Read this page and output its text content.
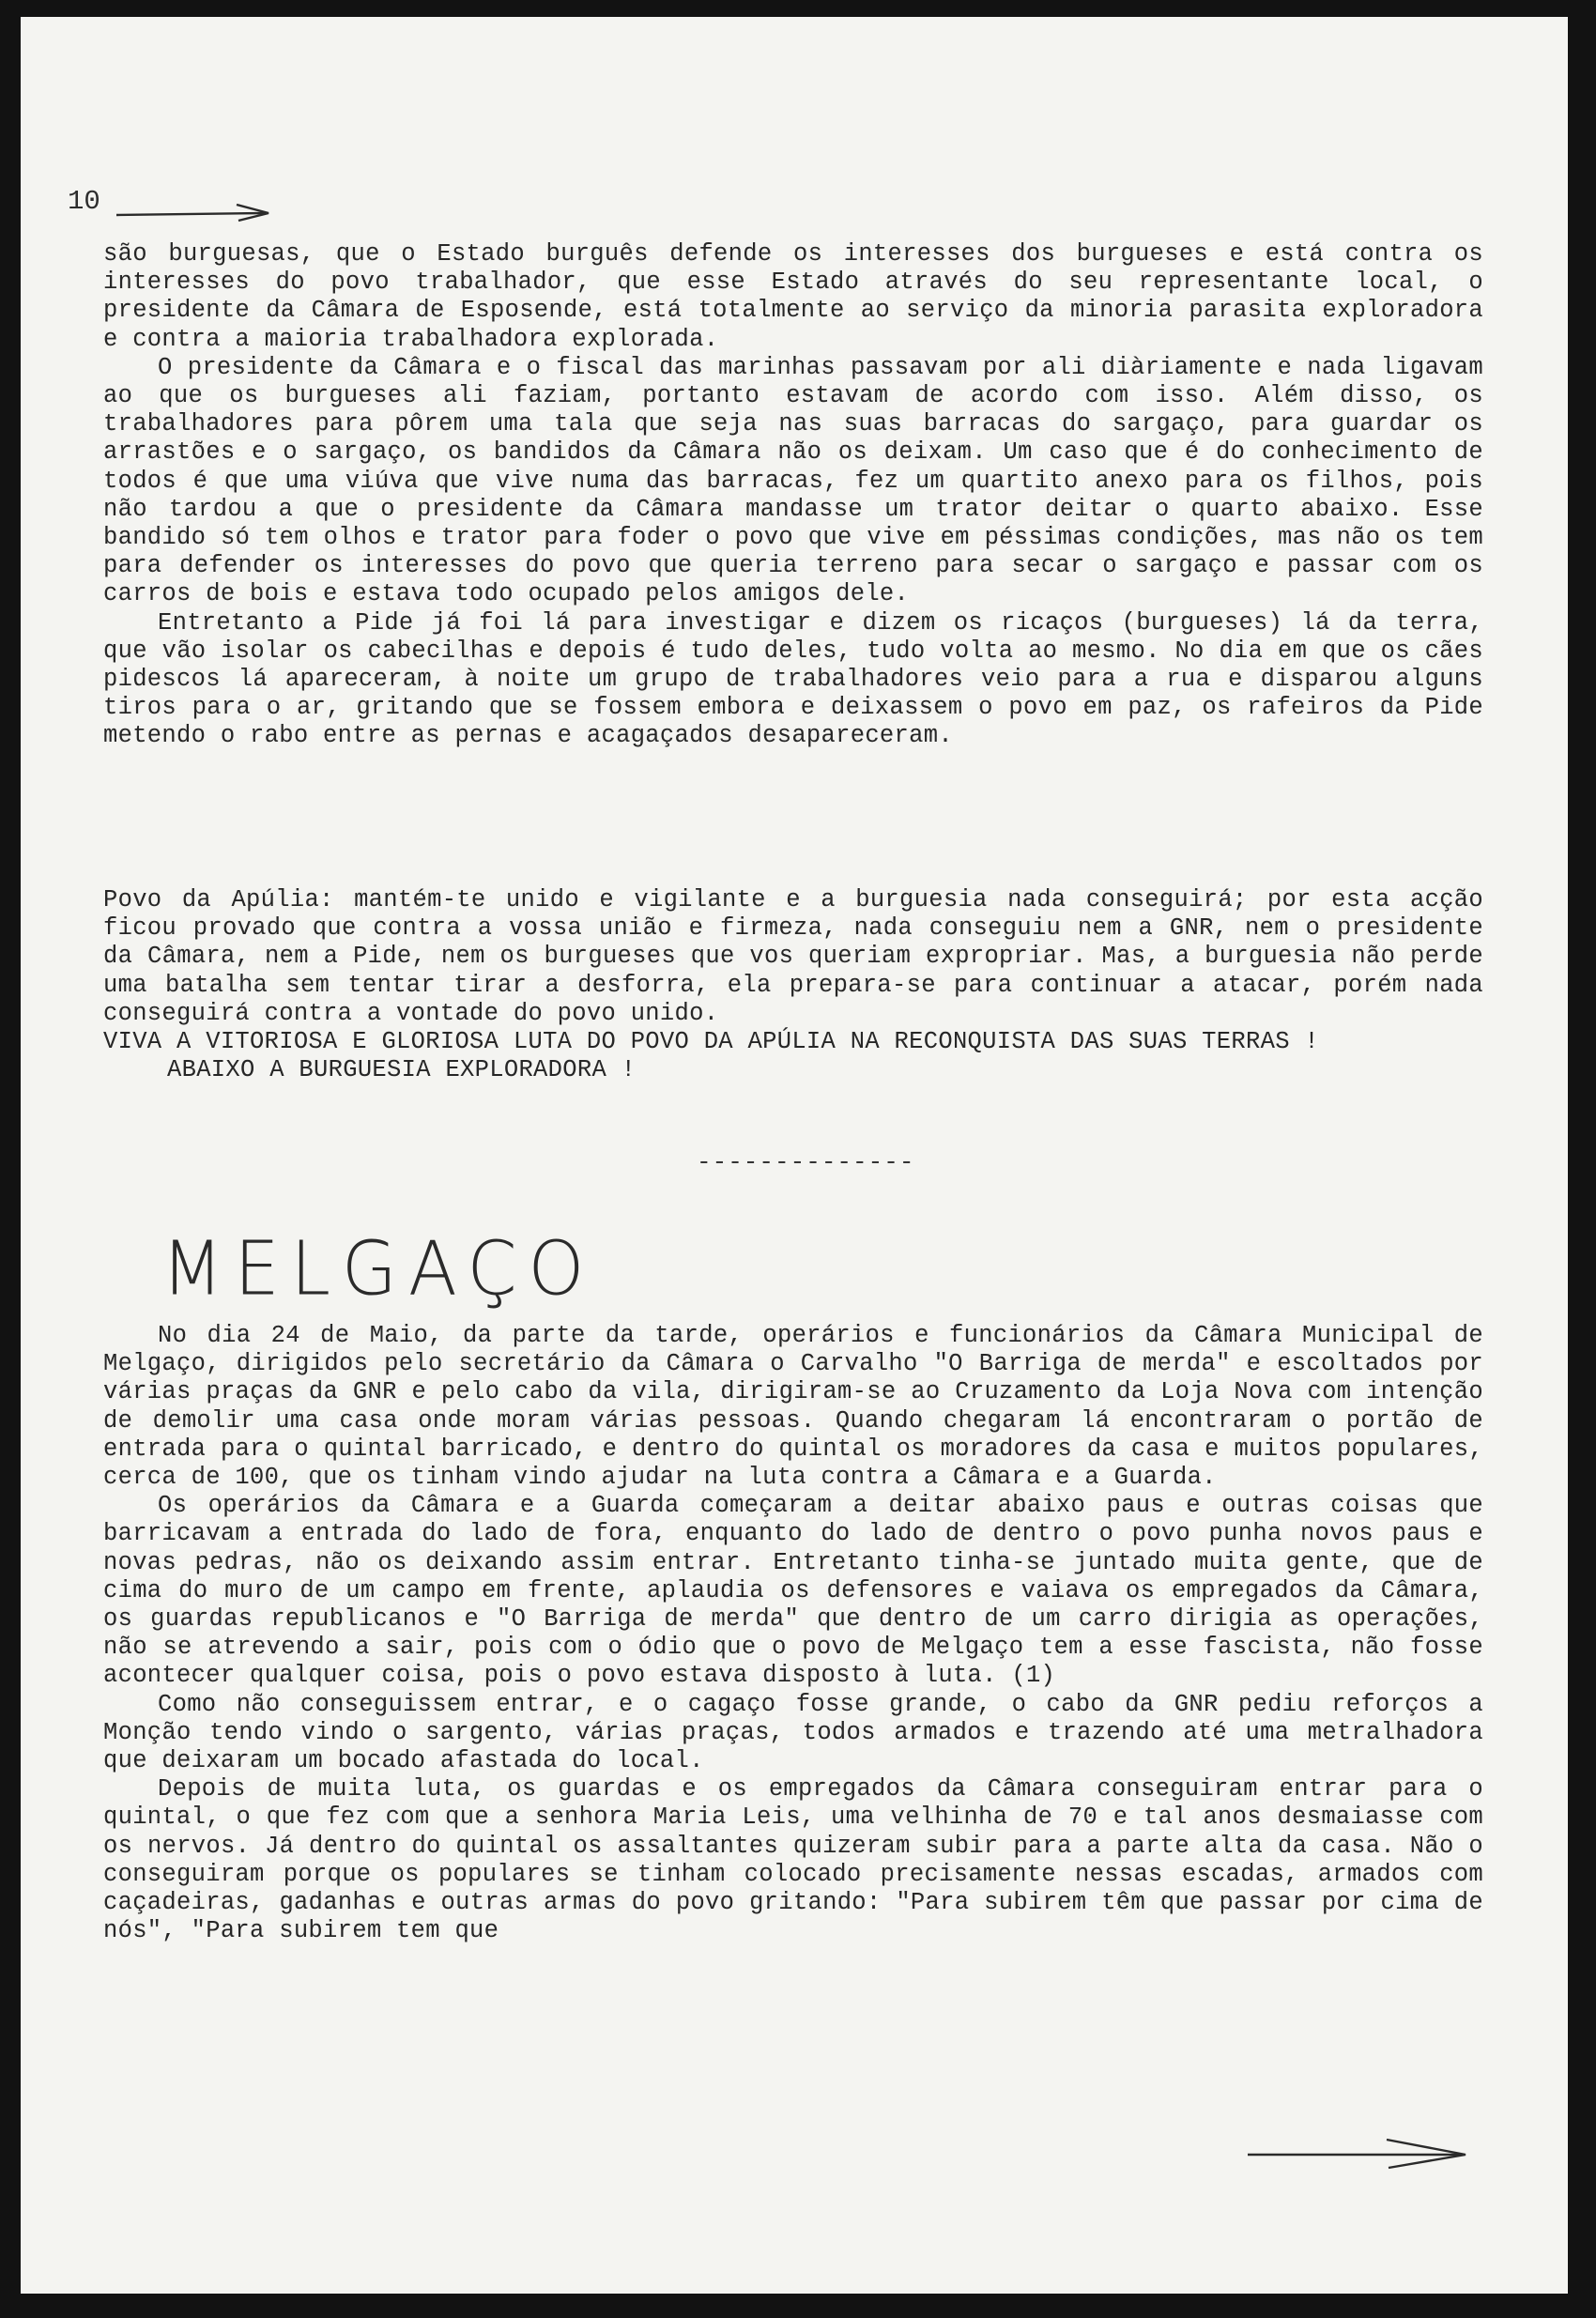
10

são burguesas, que o Estado burguês defende os interesses dos burgueses e está contra os interesses do povo trabalhador, que esse Estado através do seu representante local, o presidente da Câmara de Esposende, está totalmente ao serviço da minoria parasita exploradora e contra a maioria trabalhadora explorada.

O presidente da Câmara e o fiscal das marinhas passavam por ali diàriamente e nada ligavam ao que os burgueses ali faziam, portanto estavam de acordo com isso. Além disso, os trabalhadores para pôrem uma tala que seja nas suas barracas do sargaço, para guardar os arrastões e o sargaço, os bandidos da Câmara não os deixam. Um caso que é do conhecimento de todos é que uma viúva que vive numa das barracas, fez um quartito anexo para os filhos, pois não tardou a que o presidente da Câmara mandasse um trator deitar o quarto abaixo. Esse bandido só tem olhos e trator para foder o povo que vive em péssimas condições, mas não os tem para defender os interesses do povo que queria terreno para secar o sargaço e passar com os carros de bois e estava todo ocupado pelos amigos dele.

Entretanto a Pide já foi lá para investigar e dizem os ricaços (burgueses) lá da terra, que vão isolar os cabecilhas e depois é tudo deles, tudo volta ao mesmo. No dia em que os cães pidescos lá apareceram, à noite um grupo de trabalhadores veio para a rua e disparou alguns tiros para o ar, gritando que se fossem embora e deixassem o povo em paz, os rafeiros da Pide metendo o rabo entre as pernas e acagaçados desapareceram.

Povo da Apúlia: mantém-te unido e vigilante e a burguesia nada conseguirá; por esta acção ficou provado que contra a vossa união e firmeza, nada conseguiu nem a GNR, nem o presidente da Câmara, nem a Pide, nem os burgueses que vos queriam expropriar. Mas, a burguesia não perde uma batalha sem tentar tirar a desforra, ela prepara-se para continuar a atacar, porém nada conseguirá contra a vontade do povo unido.

VIVA A VITORIOSA E GLORIOSA LUTA DO POVO DA APÚLIA NA RECONQUISTA DAS SUAS TERRAS !

ABAIXO A BURGUESIA EXPLORADORA !

--------------
MELGAÇO

No dia 24 de Maio, da parte da tarde, operários e funcionários da Câmara Municipal de Melgaço, dirigidos pelo secretário da Câmara o Carvalho "O Barriga de merda" e escoltados por várias praças da GNR e pelo cabo da vila, dirigiram-se ao Cruzamento da Loja Nova com intenção de demolir uma casa onde moram várias pessoas. Quando chegaram lá encontraram o portão de entrada para o quintal barricado, e dentro do quintal os moradores da casa e muitos populares, cerca de 100, que os tinham vindo ajudar na luta contra a Câmara e a Guarda.

Os operários da Câmara e a Guarda começaram a deitar abaixo paus e outras coisas que barricavam a entrada do lado de fora, enquanto do lado de dentro o povo punha novos paus e novas pedras, não os deixando assim entrar. Entretanto tinha-se juntado muita gente, que de cima do muro de um campo em frente, aplaudia os defensores e vaiava os empregados da Câmara, os guardas republicanos e "O Barriga de merda" que dentro de um carro dirigia as operações, não se atrevendo a sair, pois com o ódio que o povo de Melgaço tem a esse fascista, não fosse acontecer qualquer coisa, pois o povo estava disposto à luta. (1)

Como não conseguissem entrar, e o cagaço fosse grande, o cabo da GNR pediu reforços a Monção tendo vindo o sargento, várias praças, todos armados e trazendo até uma metralhadora que deixaram um bocado afastada do local.

Depois de muita luta, os guardas e os empregados da Câmara conseguiram entrar para o quintal, o que fez com que a senhora Maria Leis, uma velhinha de 70 e tal anos desmaiasse com os nervos. Já dentro do quintal os assaltantes quizeram subir para a parte alta da casa. Não o conseguiram porque os populares se tinham colocado precisamente nessas escadas, armados com caçadeiras, gadanhas e outras armas do povo gritando: "Para subirem têm que passar por cima de nós", "Para subirem tem que
